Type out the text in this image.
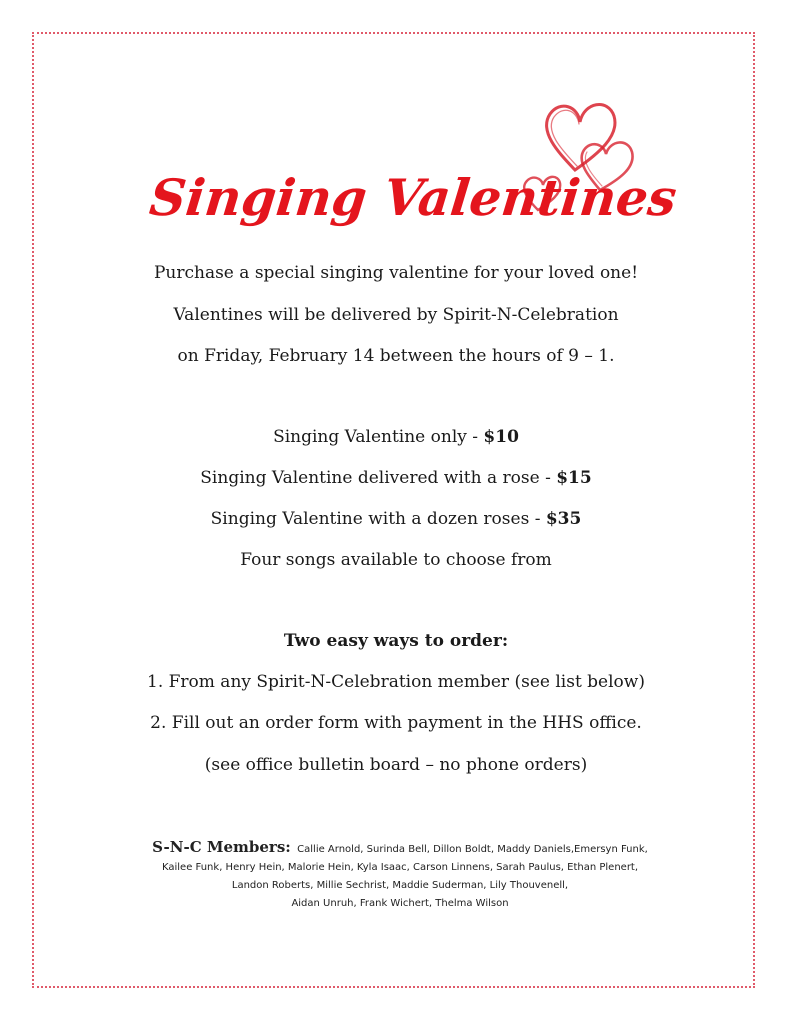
Singing Valentines
Purchase a special singing valentine for your loved one!
Valentines will be delivered by Spirit-N-Celebration
on Friday, February 14 between the hours of 9 – 1.
Singing Valentine only - $10
Singing Valentine delivered with a rose - $15
Singing Valentine with a dozen roses - $35
Four songs available to choose from
Two easy ways to order:
1. From any Spirit-N-Celebration member (see list below)
2. Fill out an order form with payment in the HHS office.
(see office bulletin board – no phone orders)
S-N-C Members: Callie Arnold, Surinda Bell, Dillon Boldt, Maddy Daniels,Emersyn Funk,
Kailee Funk, Henry Hein, Malorie Hein, Kyla Isaac, Carson Linnens, Sarah Paulus, Ethan Plenert,
Landon Roberts, Millie Sechrist, Maddie Suderman, Lily Thouvenell,
Aidan Unruh, Frank Wichert, Thelma Wilson
